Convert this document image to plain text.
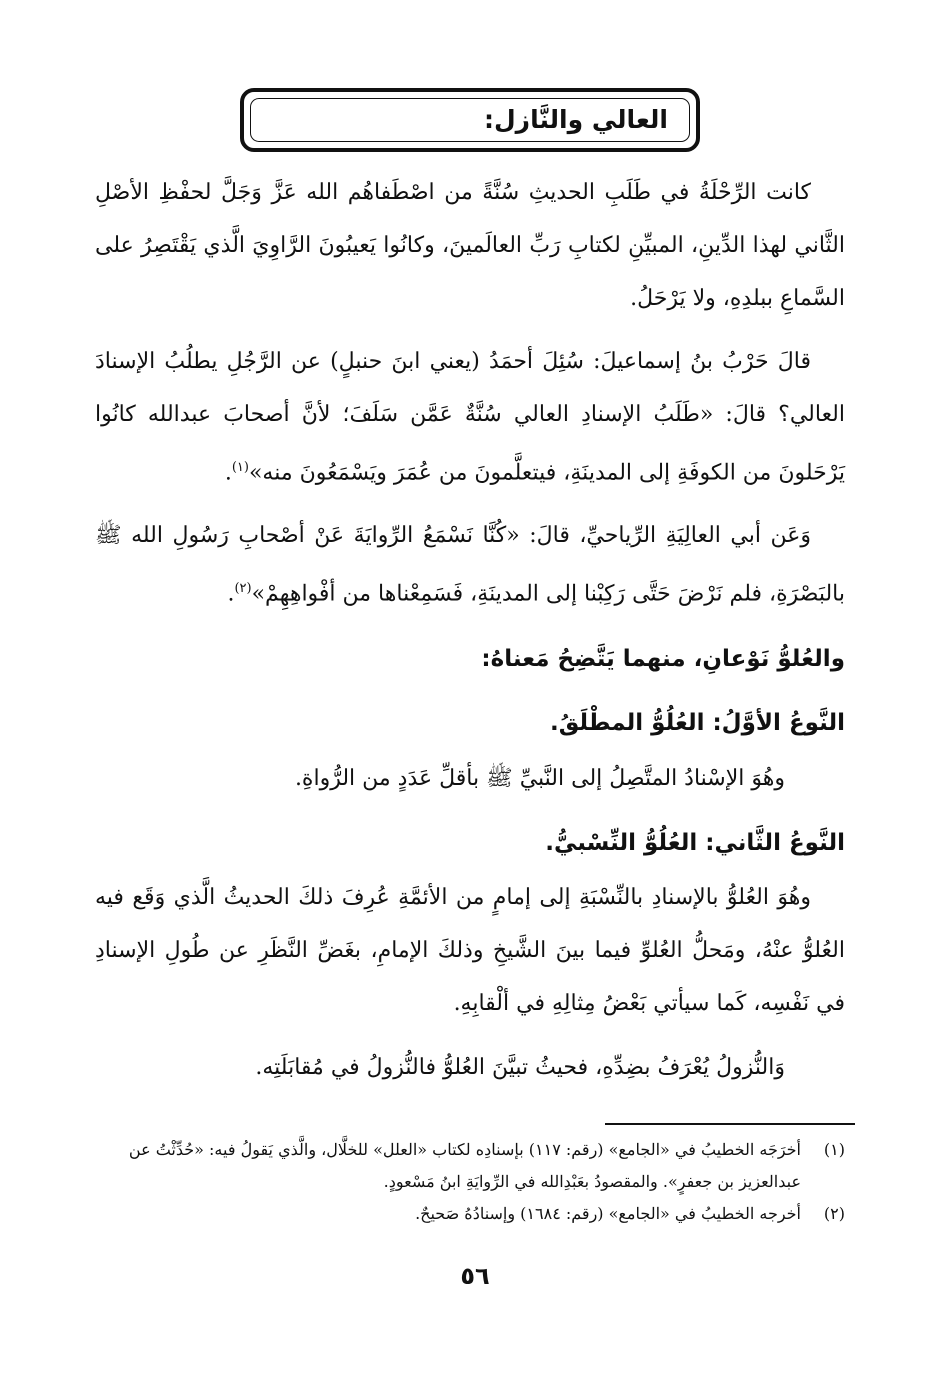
العالي والنَّازل:

كانت الرِّحْلَةُ في طَلَبِ الحديثِ سُنَّةً من اصْطَفاهُم الله عَزَّ وَجَلَّ لحفْظِ الأصْلِ الثَّاني لهذا الدِّينِ، المبيِّنِ لكتابِ رَبِّ العالَمينَ، وكانُوا يَعيبُونَ الرَّاوِيَ الَّذي يَقْتَصِرُ على السَّماعِ ببلدِهِ، ولا يَرْحَلُ.

قالَ حَرْبُ بنُ إسماعيلَ: سُئِلَ أحمَدُ (يعني ابنَ حنبلٍ) عن الرَّجُلِ يطلُبُ الإسنادَ العالي؟ قالَ: «طَلَبُ الإسنادِ العالي سُنَّةٌ عَمَّن سَلَفَ؛ لأنَّ أصحابَ عبدالله كانُوا يَرْحَلونَ من الكوفَةِ إلى المدينَةِ، فيتعلَّمونَ من عُمَرَ ويَسْمَعُونَ منه»$^{(١)}$.

وَعَن أبي العالِيَةِ الرِّياحيِّ، قالَ: «كُنَّا نَسْمَعُ الرِّوايَةَ عَنْ أصْحابِ رَسُولِ الله ﷺ بالبَصْرَةِ، فلم نَرْضَ حَتَّى رَكِبْنا إلى المدينَةِ، فَسَمِعْناها من أفْواهِهِمْ»$^{(٢)}$.

والعُلوُّ نَوْعانِ، منهما يَتَّضِحُ مَعناهُ:
النَّوعُ الأوَّلُ: العُلُوُّ المطْلَقُ.

وهُوَ الإسْنادُ المتَّصِلُ إلى النَّبيِّ ﷺ بأقلِّ عَدَدٍ من الرُّواةِ.

النَّوعُ الثَّاني: العُلُوُّ النِّسْبيُّ.

وهُوَ العُلوُّ بالإسنادِ بالنِّسْبَةِ إلى إمامٍ من الأئمَّةِ عُرِفَ ذلكَ الحديثُ الَّذي وَقَع فيه العُلوُّ عنْهُ، ومَحلُّ العُلوِّ فيما بينَ الشَّيخِ وذلكَ الإمامِ، بغَضِّ النَّظَرِ عن طُولِ الإسنادِ في نَفْسِه، كَما سيأتي بَعْضُ مِثالِهِ في ألْقابِهِ.

وَالنُّزولُ يُعْرَفُ بضِدِّهِ، فحيثُ تبيَّنَ العُلوُّ فالنُّزولُ في مُقابَلَتِه.

(١)
أخرَجَه الخطيبُ في «الجامع» (رقم: ١١٧) بإسنادِه لكتاب «العلل» للخلَّال، والَّذي يَقولُ فيه: «حُدِّثْتُ عن عبدالعزيز بن جعفرٍ». والمقصودُ بعَبْدِالله في الرِّوايَةِ ابنُ مَسْعودٍ.
(٢)
أخرجه الخطيبُ في «الجامع» (رقم: ١٦٨٤) وإسنادُهُ صَحيحٌ.
٥٦
